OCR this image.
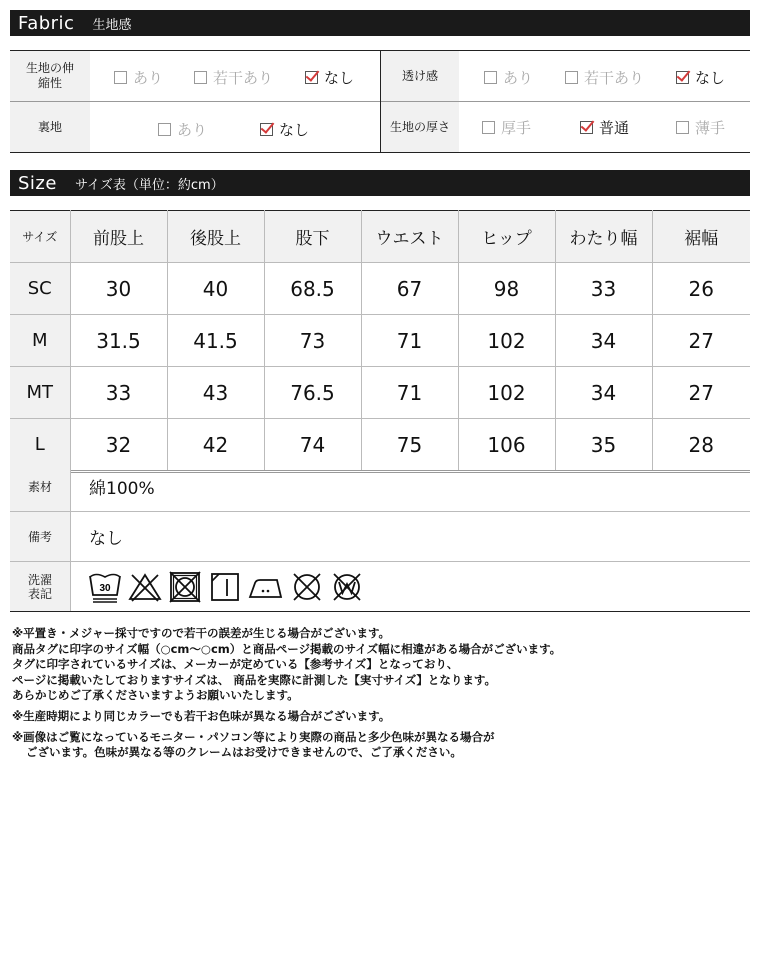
Fabric 生地感
生地の伸縮性	あり	若干あり	なし	透け感	あり	若干あり	なし
裏地	あり	なし	生地の厚さ	厚手	普通	薄手
Size サイズ表（単位：約cm）
サイズ	前股上	後股上	股下	ウエスト	ヒップ	わたり幅	裾幅
SC	30	40	68.5	67	98	33	26
M	31.5	41.5	73	71	102	34	27
MT	33	43	76.5	71	102	34	27
L	32	42	74	75	106	35	28
素材	綿100%
備考	なし
洗濯表記	30

※平置き・メジャー採寸ですので若干の誤差が生じる場合がございます。

商品タグに印字のサイズ幅（○cm〜○cm）と商品ページ掲載のサイズ幅に相違がある場合がございます。

タグに印字されているサイズは、メーカーが定めている【参考サイズ】となっており、

ページに掲載いたしておりますサイズは、 商品を実際に計測した【実寸サイズ】となります。

あらかじめご了承くださいますようお願いいたします。

※生産時期により同じカラーでも若干お色味が異なる場合がございます。

※画像はご覧になっているモニター・パソコン等により実際の商品と多少色味が異なる場合が

ございます。色味が異なる等のクレームはお受けできませんので、ご了承ください。
